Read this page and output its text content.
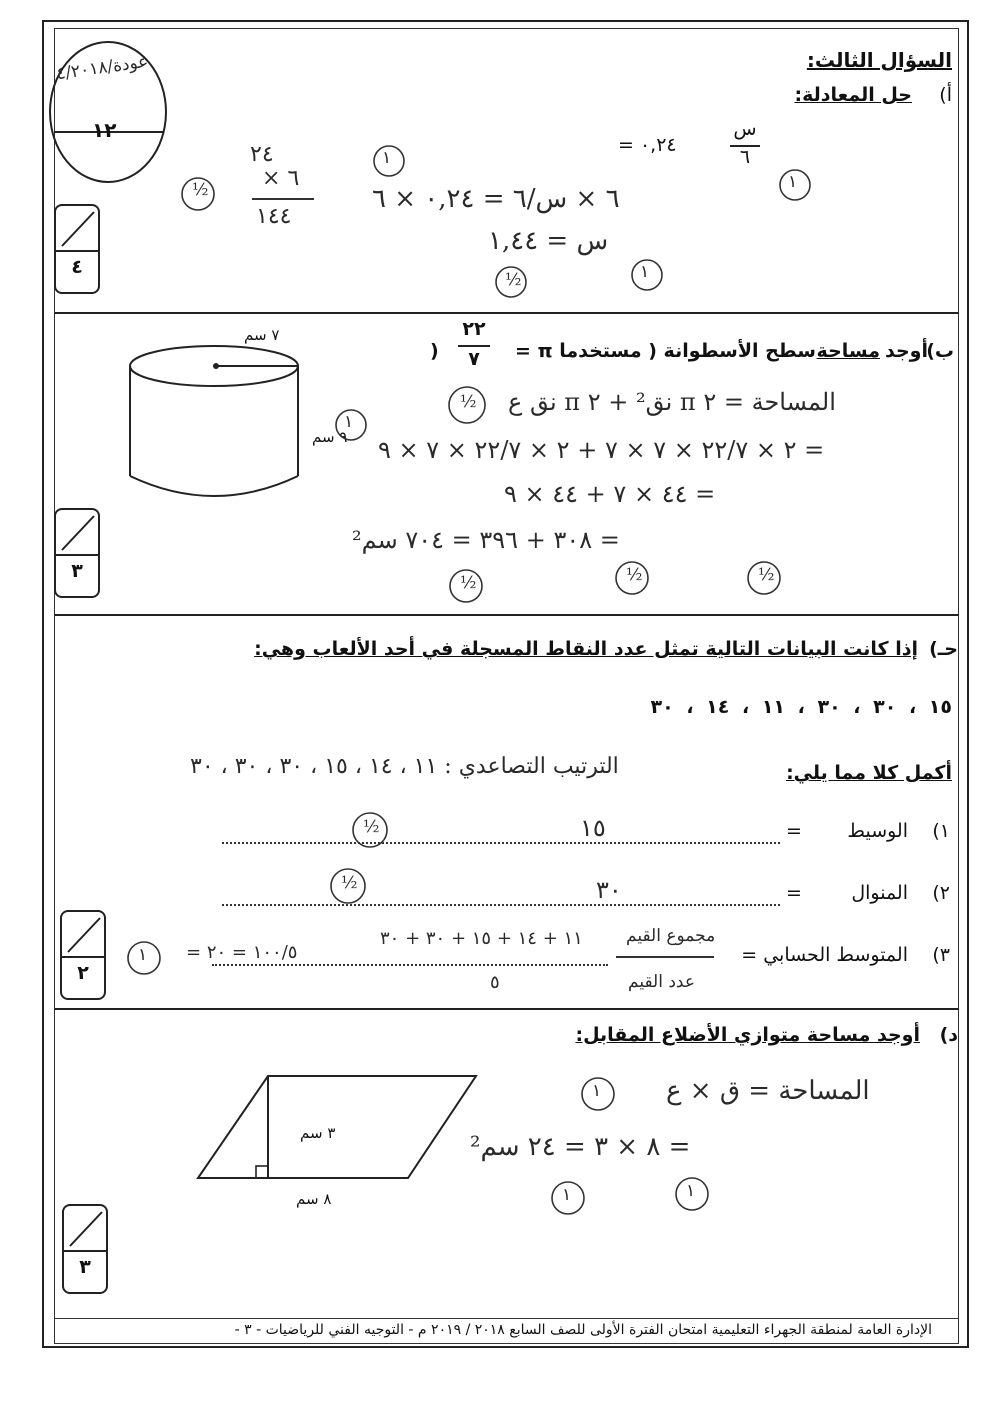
السؤال الثالث:
عودة/٤/٢٠١٨
١٢
أ)
حل المعادلة:
= ٠,٢٤
س
٦
٦ × س/٦ = ٠,٢٤ × ٦
س = ١,٤٤
٢٤
× ٦
١٤٤
١
١
½
½	١
٤
ب)
أوجد
مساحة
سطح الأسطوانة ( مستخدما π =
٢٢
٧
)
٧ سم
٩ سم
المساحة = ٢ π نق² + ٢ π نق ع
= ٢ × ٢٢/٧ × ٧ × ٧ + ٢ × ٢٢/٧ × ٧ × ٩
= ٤٤ × ٧ + ٤٤ × ٩
= ٣٠٨ + ٣٩٦ = ٧٠٤ سم²
½
١
½	½	½
٣
حـ)
إذا كانت البيانات التالية تمثل عدد النقاط المسجلة في أحد الألعاب وهي:
١٥ ، ٣٠ ، ٣٠ ، ١١ ، ١٤ ، ٣٠
أكمل كلا مما يلي:
الترتيب التصاعدي : ١١ ، ١٤ ، ١٥ ، ٣٠ ، ٣٠ ، ٣٠
١)
الوسيط
=
١٥
½
٢)
المنوال
=
٣٠
½
٣)
المتوسط الحسابي =
مجموع القيم
عدد القيم
١١ + ١٤ + ١٥ + ٣٠ + ٣٠
٥
= ١٠٠/٥ = ٢٠
١
٢
د)
أوجد مساحة متوازي الأضلاع المقابل:
٣ سم
٨ سم
المساحة = ق × ع
= ٨ × ٣ = ٢٤ سم²
١
١	١
٣
الإدارة العامة لمنطقة الجهراء التعليمية امتحان الفترة الأولى للصف السابع ٢٠١٨ / ٢٠١٩ م - التوجيه الفني للرياضيات - ٣ -
